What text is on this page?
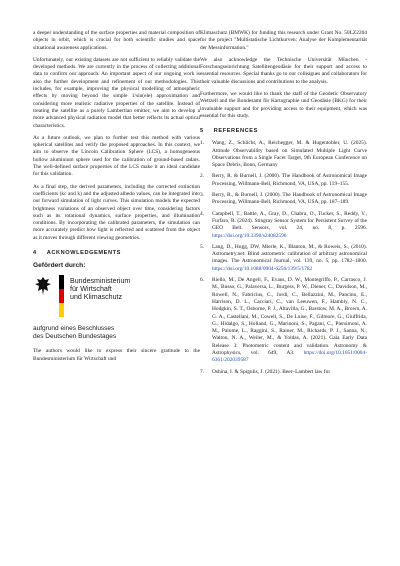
a deeper understanding of the surface properties and material composition of objects in orbit, which is crucial for both scientific studies and space situational awareness applications.

Unfortunately, our existing datasets are not sufficient to reliably validate the developed methods. We are currently in the process of collecting additional data to confirm our approach. An important aspect of our ongoing work is also the further development and refinement of our methodologies. This includes, for example, improving the physical modelling of atmospheric effects by moving beyond the simple 1/sin(ele) approximation and considering more realistic radiative properties of the satellite. Instead of treating the satellite as a purely Lambertian emitter, we aim to develop a more advanced physical radiation model that better reflects its actual optical characteristics.

As a future outlook, we plan to further test this method with various spherical satellites and verify the proposed approaches. In this context, we aim to observe the Lincoln Calibration Sphere (LCS), a homogeneous hollow aluminium sphere used for the calibration of ground-based radars. The well-defined surface properties of the LCS make it an ideal candidate for this validation.

As a final step, the derived parameters, including the corrected extinction coefficients (kc and k) and the adjusted albedo values, can be integrated into our forward simulation of light curves. This simulation models the expected brightness variations of an observed object over time, considering factors such as its rotational dynamics, surface properties, and illumination conditions. By incorporating the calibrated parameters, the simulation can more accurately predict how light is reflected and scattered from the object as it moves through different viewing geometries.

4 ACKNOWLEDGEMENTS
Gefördert durch:
Bundesministerium
für Wirtschaft
und Klimaschutz
aufgrund eines Beschlusses
des Deutschen Bundestages

The authors would like to express their sincere gratitude to the Bundesministerium für Wirtschaft und

Klimaschutz (BMWK) for funding this research under Grant No. 50LZ2204 for the project "Multistatische Lichtkurven: Analyse der Komplementarität der Messinformation."

We also acknowledge the Technische Universität München - Forschungseinrichtung Satellitengeodäsie for their support and access to essential resources. Special thanks go to our colleagues and collaborators for their valuable discussions and contributions to the analysis.

Furthermore, we would like to thank the staff of the Geodetic Observatory Wettzell and the Bundesamt für Kartographie und Geodäsie (BKG) for their invaluable support and for providing access to their equipment, which was essential for this study.

5 REFERENCES
1.	Wang, Z., Schlicht, A., Reichegger, M. & Hugentobler, U. (2025). Attitude Observability based on Simulated Multiple Light Curve Observations from a Single Facet Target, 9th European Conference on Space Debris, Bonn, Germany
2.	Berry, R. & Burnell, J. (2000). The Handbook of Astronomical Image Processing, Willmann-Bell, Richmond, VA, USA, pp. 119–155.
3.	Berry, R., & Burnell, J. (2000). The Handbook of Astronomical Image Processing, Willmann-Bell, Richmond, VA, USA, pp. 187–189.
4.	Campbell, T., Battle, A., Gray, D., Chabra, O., Tucker, S., Reddy, V., Furfaro, R. (2024). Stingray Sensor System for Persistent Survey of the GEO Belt. Sensors, vol. 24, no. 8, p. 2596. https://doi.org/10.3390/s24082596
5.	Lang, D., Hogg, DW, Mierle, K., Blanton, M., & Roweis, S., (2010). Astrometry.net: Blind astrometric calibration of arbitrary astronomical images. The Astronomical Journal, vol. 139, no. 5, pp. 1782–1800. https://doi.org/10.1088/0004-6256/139/5/1782
6.	Riello, M., De Angeli, F., Evans, D. W., Montegriffo, P., Carrasco, J. M., Busso, G., Palaversa, L., Burgess, P. W., Diener, C., Davidson, M., Rowell, N., Fabricius, C., Jordi, C., Bellazzini, M., Pancino, E., Harrison, D. L., Cacciari, C., van Leeuwen, F., Hambly, N. C., Hodgkin, S. T., Osborne, P. J., Altavilla, G., Barstow, M. A., Brown, A. G. A., Castellani, M., Cowell, S., De Luise, F., Gilmore, G., Giuffrida, G., Hidalgo, S., Holland, G., Marinoni, S., Pagani, C., Piersimoni, A. M., Palome, L., Raggini, S., Rainer, M., Richards, P. J., Sanna, N., Walton, N. A., Weiler, M., & Yoldas, A. (2021). Gaia Early Data Release 3: Photometric content and validation. Astronomy & Astrophysics, vol. 649, A3. https://doi.org/10.1051/0004-6361/202039587
7.	Oshina, I. & Spigulis, J. (2021). Beer–Lambert law for
